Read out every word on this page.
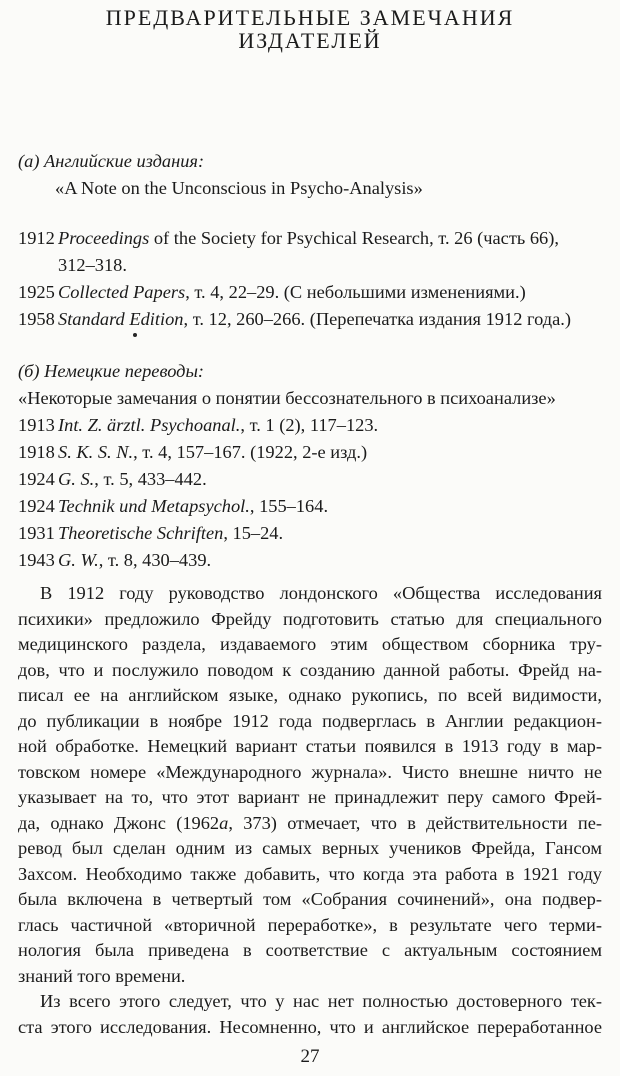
ПРЕДВАРИТЕЛЬНЫЕ ЗАМЕЧАНИЯ
ИЗДАТЕЛЕЙ
(а) Английские издания:
«A Note on the Unconscious in Psycho-Analysis»
1912 Proceedings of the Society for Psychical Research, т. 26 (часть 66),
312–318.
1925 Collected Papers, т. 4, 22–29. (С небольшими изменениями.)
1958 Standard Edition, т. 12, 260–266. (Перепечатка издания 1912 года.)
(б) Немецкие переводы:
«Некоторые замечания о понятии бессознательного в психоанализе»
1913 Int. Z. ärztl. Psychoanal., т. 1 (2), 117–123.
1918 S. K. S. N., т. 4, 157–167. (1922, 2-е изд.)
1924 G. S., т. 5, 433–442.
1924 Technik und Metapsychol., 155–164.
1931 Theoretische Schriften, 15–24.
1943 G. W., т. 8, 430–439.
В 1912 году руководство лондонского «Общества исследования
психики» предложило Фрейду подготовить статью для специального
медицинского раздела, издаваемого этим обществом сборника тру-
дов, что и послужило поводом к созданию данной работы. Фрейд на-
писал ее на английском языке, однако рукопись, по всей видимости,
до публикации в ноябре 1912 года подверглась в Англии редакцион-
ной обработке. Немецкий вариант статьи появился в 1913 году в мар-
товском номере «Международного журнала». Чисто внешне ничто не
указывает на то, что этот вариант не принадлежит перу самого Фрей-
да, однако Джонс (1962а, 373) отмечает, что в действительности пе-
ревод был сделан одним из самых верных учеников Фрейда, Гансом
Захсом. Необходимо также добавить, что когда эта работа в 1921 году
была включена в четвертый том «Собрания сочинений», она подвер-
глась частичной «вторичной переработке», в результате чего терми-
нология была приведена в соответствие с актуальным состоянием
знаний того времени.
Из всего этого следует, что у нас нет полностью достоверного тек-
ста этого исследования. Несомненно, что и английское переработанное
27
